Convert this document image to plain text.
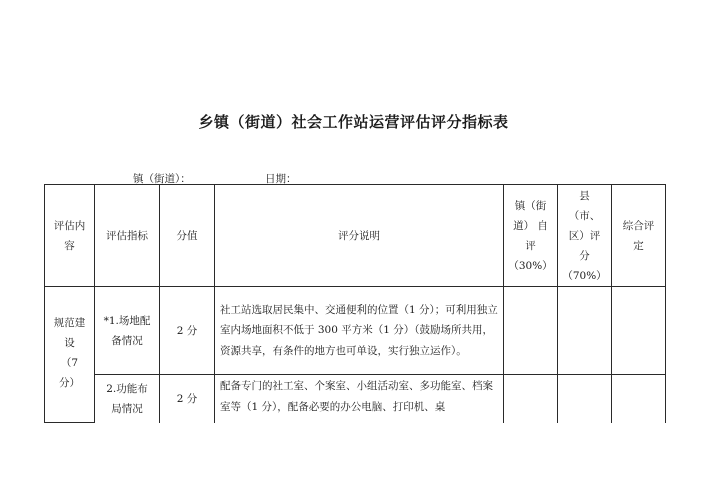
乡镇（街道）社会工作站运营评估评分指标表
镇（街道）：	日期：
评估内
容	评估指标	分值	评分说明	镇（街
道） 自
评
（30%）	县
（市、
区）评
分
（70%）	综合评
定

规范建
设
（7
分）	*1.场地配
备情况	2 分	社工站选取居民集中、交通便利的位置（1 分）；可利用独立室内场地面积不低于 300 平方米（1 分）（鼓励场所共用，资源共享，有条件的地方也可单设，实行独立运作）。			

	2.功能布
局情况	2 分	配备专门的社工室、个案室、小组活动室、多功能室、档案室等（1 分），配备必要的办公电脑、打印机、桌			
